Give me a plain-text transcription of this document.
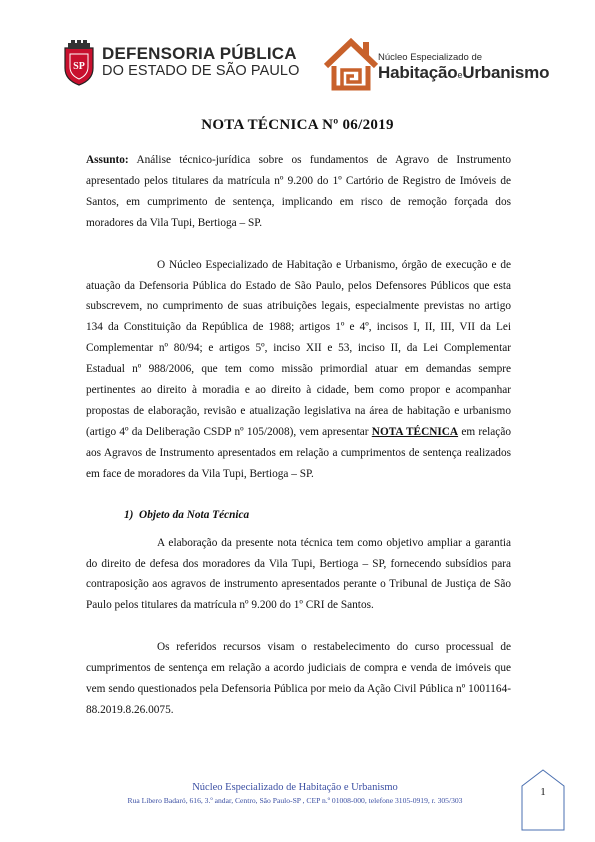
SP
DEFENSORIA PÚBLICA
DO ESTADO DE SÃO PAULO
Núcleo Especializado de
HabitaçãoeUrbanismo
NOTA TÉCNICA Nº 06/2019

Assunto: Análise técnico-jurídica sobre os fundamentos de Agravo de Instrumento apresentado pelos titulares da matrícula nº 9.200 do 1º Cartório de Registro de Imóveis de Santos, em cumprimento de sentença, implicando em risco de remoção forçada dos moradores da Vila Tupi, Bertioga – SP.

O Núcleo Especializado de Habitação e Urbanismo, órgão de execução e de atuação da Defensoria Pública do Estado de São Paulo, pelos Defensores Públicos que esta subscrevem, no cumprimento de suas atribuições legais, especialmente previstas no artigo 134 da Constituição da República de 1988; artigos 1º e 4º, incisos I, II, III, VII da Lei Complementar nº 80/94; e artigos 5º, inciso XII e 53, inciso II, da Lei Complementar Estadual nº 988/2006, que tem como missão primordial atuar em demandas sempre pertinentes ao direito à moradia e ao direito à cidade, bem como propor e acompanhar propostas de elaboração, revisão e atualização legislativa na área de habitação e urbanismo (artigo 4º da Deliberação CSDP nº 105/2008), vem apresentar NOTA TÉCNICA em relação aos Agravos de Instrumento apresentados em relação a cumprimentos de sentença realizados em face de moradores da Vila Tupi, Bertioga – SP.

1)  Objeto da Nota Técnica

A elaboração da presente nota técnica tem como objetivo ampliar a garantia do direito de defesa dos moradores da Vila Tupi, Bertioga – SP, fornecendo subsídios para contraposição aos agravos de instrumento apresentados perante o Tribunal de Justiça de São Paulo pelos titulares da matrícula nº 9.200 do 1º CRI de Santos.

Os referidos recursos visam o restabelecimento do curso processual de cumprimentos de sentença em relação a acordo judiciais de compra e venda de imóveis que vem sendo questionados pela Defensoria Pública por meio da Ação Civil Pública nº 1001164-88.2019.8.26.0075.

Núcleo Especializado de Habitação e Urbanismo
Rua Líbero Badaró, 616, 3.º andar, Centro, São Paulo-SP , CEP n.º 01008-000, telefone 3105-0919, r. 305/303
1
